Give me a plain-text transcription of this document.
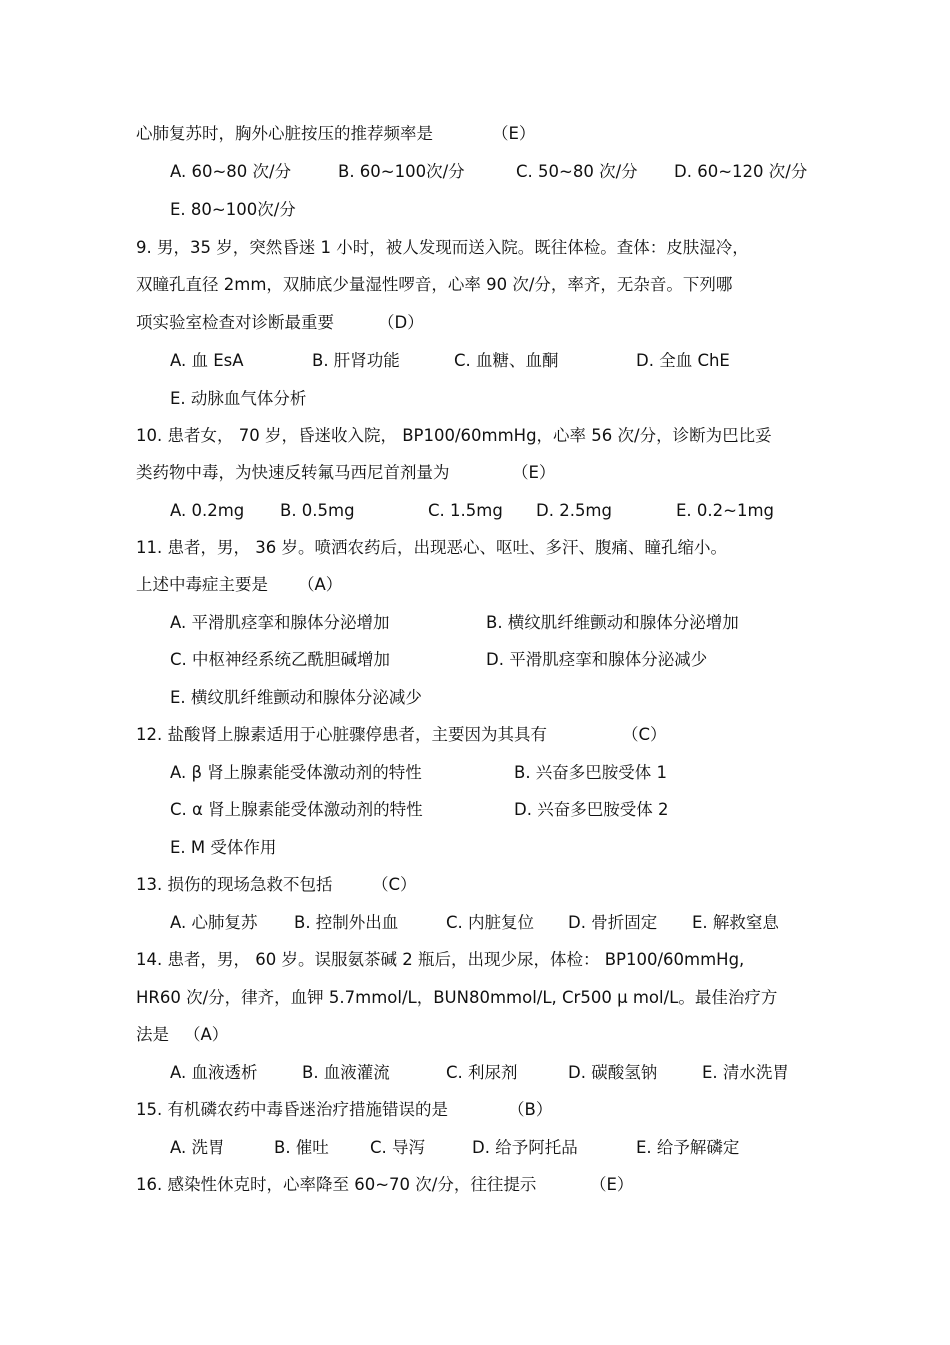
心肺复苏时，胸外心脏按压的推荐频率是	（E）
A. 60~80 次/分	B. 60~100次/分	C. 50~80 次/分 D. 60~120 次/分
E. 80~100次/分
9. 男，35 岁，突然昏迷 1 小时，被人发现而送入院。既往体检。查体：皮肤湿冷，
双瞳孔直径 2mm，双肺底少量湿性啰音，心率 90 次/分，率齐，无杂音。下列哪
项实验室检查对诊断最重要	（D）
A. 血 EsA	B. 肝肾功能	C. 血糖、血酮	D. 全血 ChE
E. 动脉血气体分析
10. 患者女， 70 岁，昏迷收入院， BP100/60mmHg，心率 56 次/分，诊断为巴比妥
类药物中毒，为快速反转氟马西尼首剂量为	（E）
A. 0.2mg B. 0.5mg	C. 1.5mg D. 2.5mg	E. 0.2~1mg
11. 患者，男， 36 岁。喷洒农药后，出现恶心、呕吐、多汗、腹痛、瞳孔缩小。
上述中毒症主要是 （A）
A. 平滑肌痉挛和腺体分泌增加	B. 横纹肌纤维颤动和腺体分泌增加
C. 中枢神经系统乙酰胆碱增加	D. 平滑肌痉挛和腺体分泌减少
E. 横纹肌纤维颤动和腺体分泌减少
12. 盐酸肾上腺素适用于心脏骤停患者，主要因为其具有	（C）
A. β 肾上腺素能受体激动剂的特性	B. 兴奋多巴胺受体 1
C. α 肾上腺素能受体激动剂的特性	D. 兴奋多巴胺受体 2
E. M 受体作用
13. 损伤的现场急救不包括 （C）
A. 心肺复苏 B. 控制外出血	C. 内脏复位 D. 骨折固定 E. 解救窒息
14. 患者，男， 60 岁。误服氨茶碱 2 瓶后，出现少尿，体检： BP100/60mmHg,
HR60 次/分，律齐，血钾 5.7mmol/L，BUN80mmol/L, Cr500 μ mol/L。最佳治疗方
法是 （A）
A. 血液透析	B. 血液灌流	C. 利尿剂	D. 碳酸氢钠	E. 清水洗胃
15. 有机磷农药中毒昏迷治疗措施错误的是	（B）
A. 洗胃	B. 催吐 C. 导泻	D. 给予阿托品	E. 给予解磷定
16. 感染性休克时，心率降至 60~70 次/分，往往提示	（E）
